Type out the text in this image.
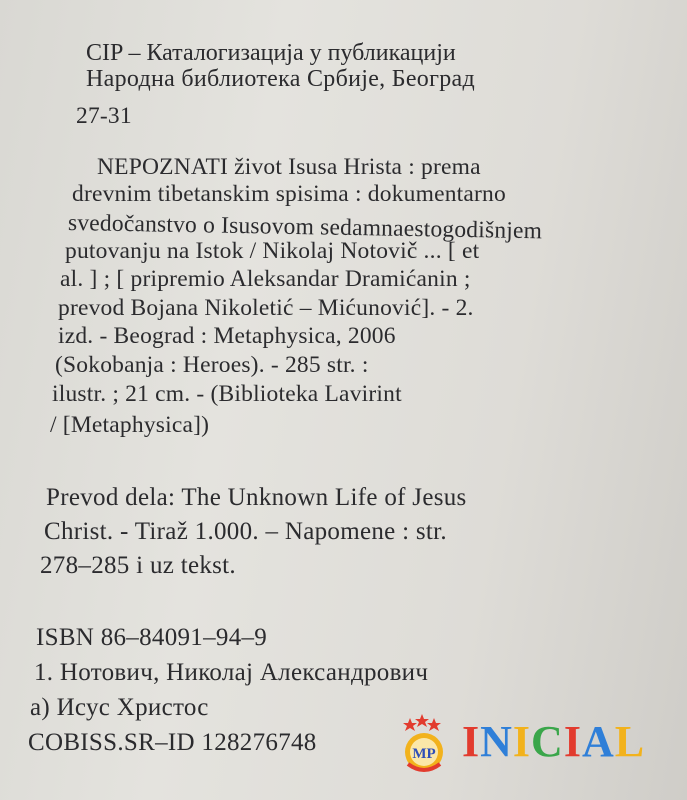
CIP – Каталогизација у публикацији
Народна библиотека Србије, Београд
27-31
NEPOZNATI život Isusa Hrista : prema
drevnim tibetanskim spisima : dokumentarno
svedočanstvo o Isusovom sedamnaestogodišnjem
putovanju na Istok / Nikolaj Notovič ... [ et
al. ] ; [ pripremio Aleksandar Dramićanin ;
prevod Bojana Nikoletić – Mićunović]. - 2.
izd. - Beograd : Metaphysica, 2006
(Sokobanja : Heroes). - 285 str. :
ilustr. ; 21 cm. - (Biblioteka Lavirint
/ [Metaphysica])
Prevod dela: The Unknown Life of Jesus
Christ. - Tiraž 1.000. – Napomene : str.
278–285 i uz tekst.
ISBN 86–84091–94–9
1. Нотович, Николај Александрович
а) Исус Христос
COBISS.SR–ID 128276748	MP INICIAL
